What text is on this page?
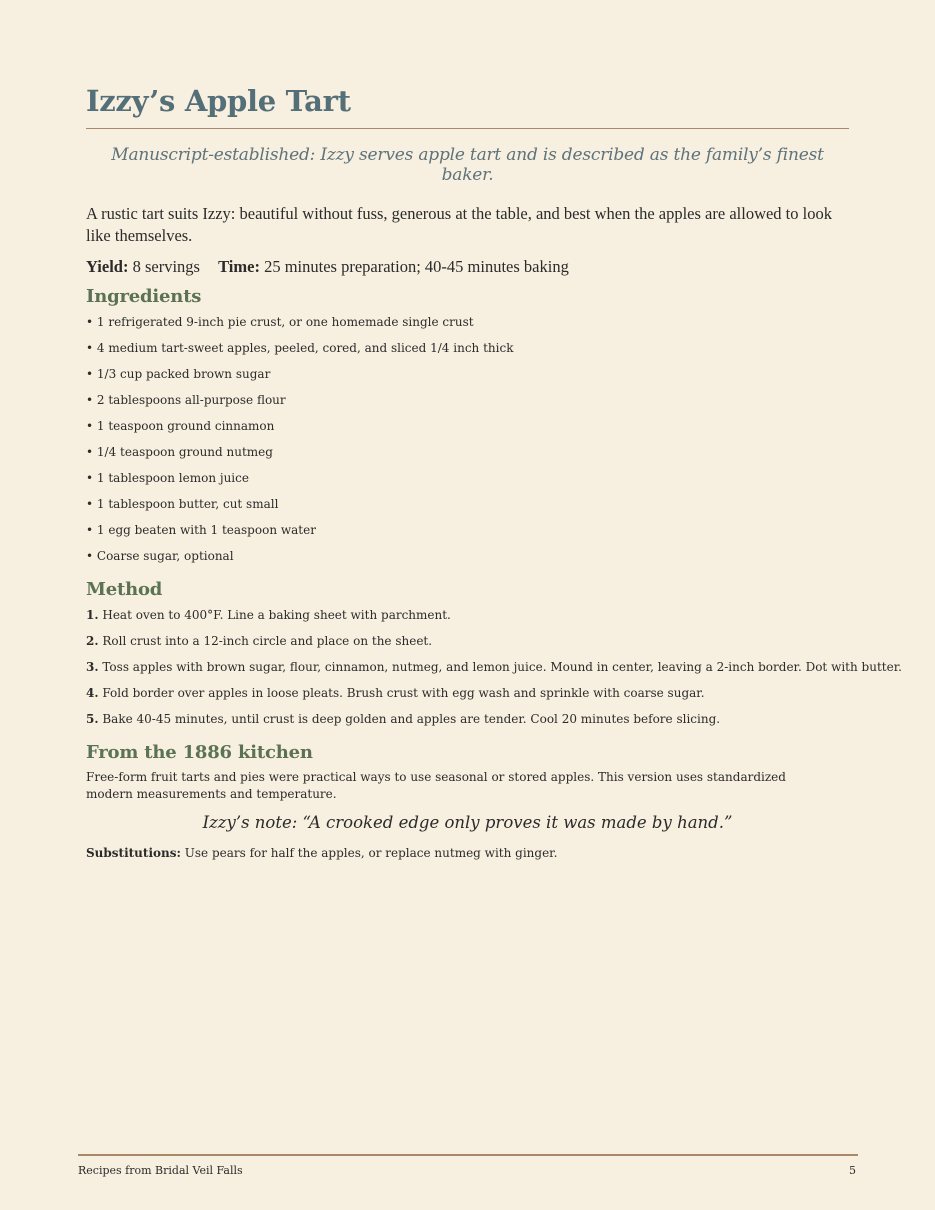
Izzy’s Apple Tart
Manuscript-established: Izzy serves apple tart and is described as the family’s finest baker.

A rustic tart suits Izzy: beautiful without fuss, generous at the table, and best when the apples are allowed to look like themselves.

Yield: 8 servings Time: 25 minutes preparation; 40-45 minutes baking

Ingredients
• 1 refrigerated 9-inch pie crust, or one homemade single crust
• 4 medium tart-sweet apples, peeled, cored, and sliced 1/4 inch thick
• 1/3 cup packed brown sugar
• 2 tablespoons all-purpose flour
• 1 teaspoon ground cinnamon
• 1/4 teaspoon ground nutmeg
• 1 tablespoon lemon juice
• 1 tablespoon butter, cut small
• 1 egg beaten with 1 teaspoon water
• Coarse sugar, optional
Method
1. Heat oven to 400°F. Line a baking sheet with parchment.
2. Roll crust into a 12-inch circle and place on the sheet.
3. Toss apples with brown sugar, flour, cinnamon, nutmeg, and lemon juice. Mound in center, leaving a 2-inch border. Dot with butter.
4. Fold border over apples in loose pleats. Brush crust with egg wash and sprinkle with coarse sugar.
5. Bake 40-45 minutes, until crust is deep golden and apples are tender. Cool 20 minutes before slicing.
From the 1886 kitchen

Free-form fruit tarts and pies were practical ways to use seasonal or stored apples. This version uses standardized modern measurements and temperature.

Izzy’s note: “A crooked edge only proves it was made by hand.”

Substitutions: Use pears for half the apples, or replace nutmeg with ginger.

Recipes from Bridal Veil Falls	5
